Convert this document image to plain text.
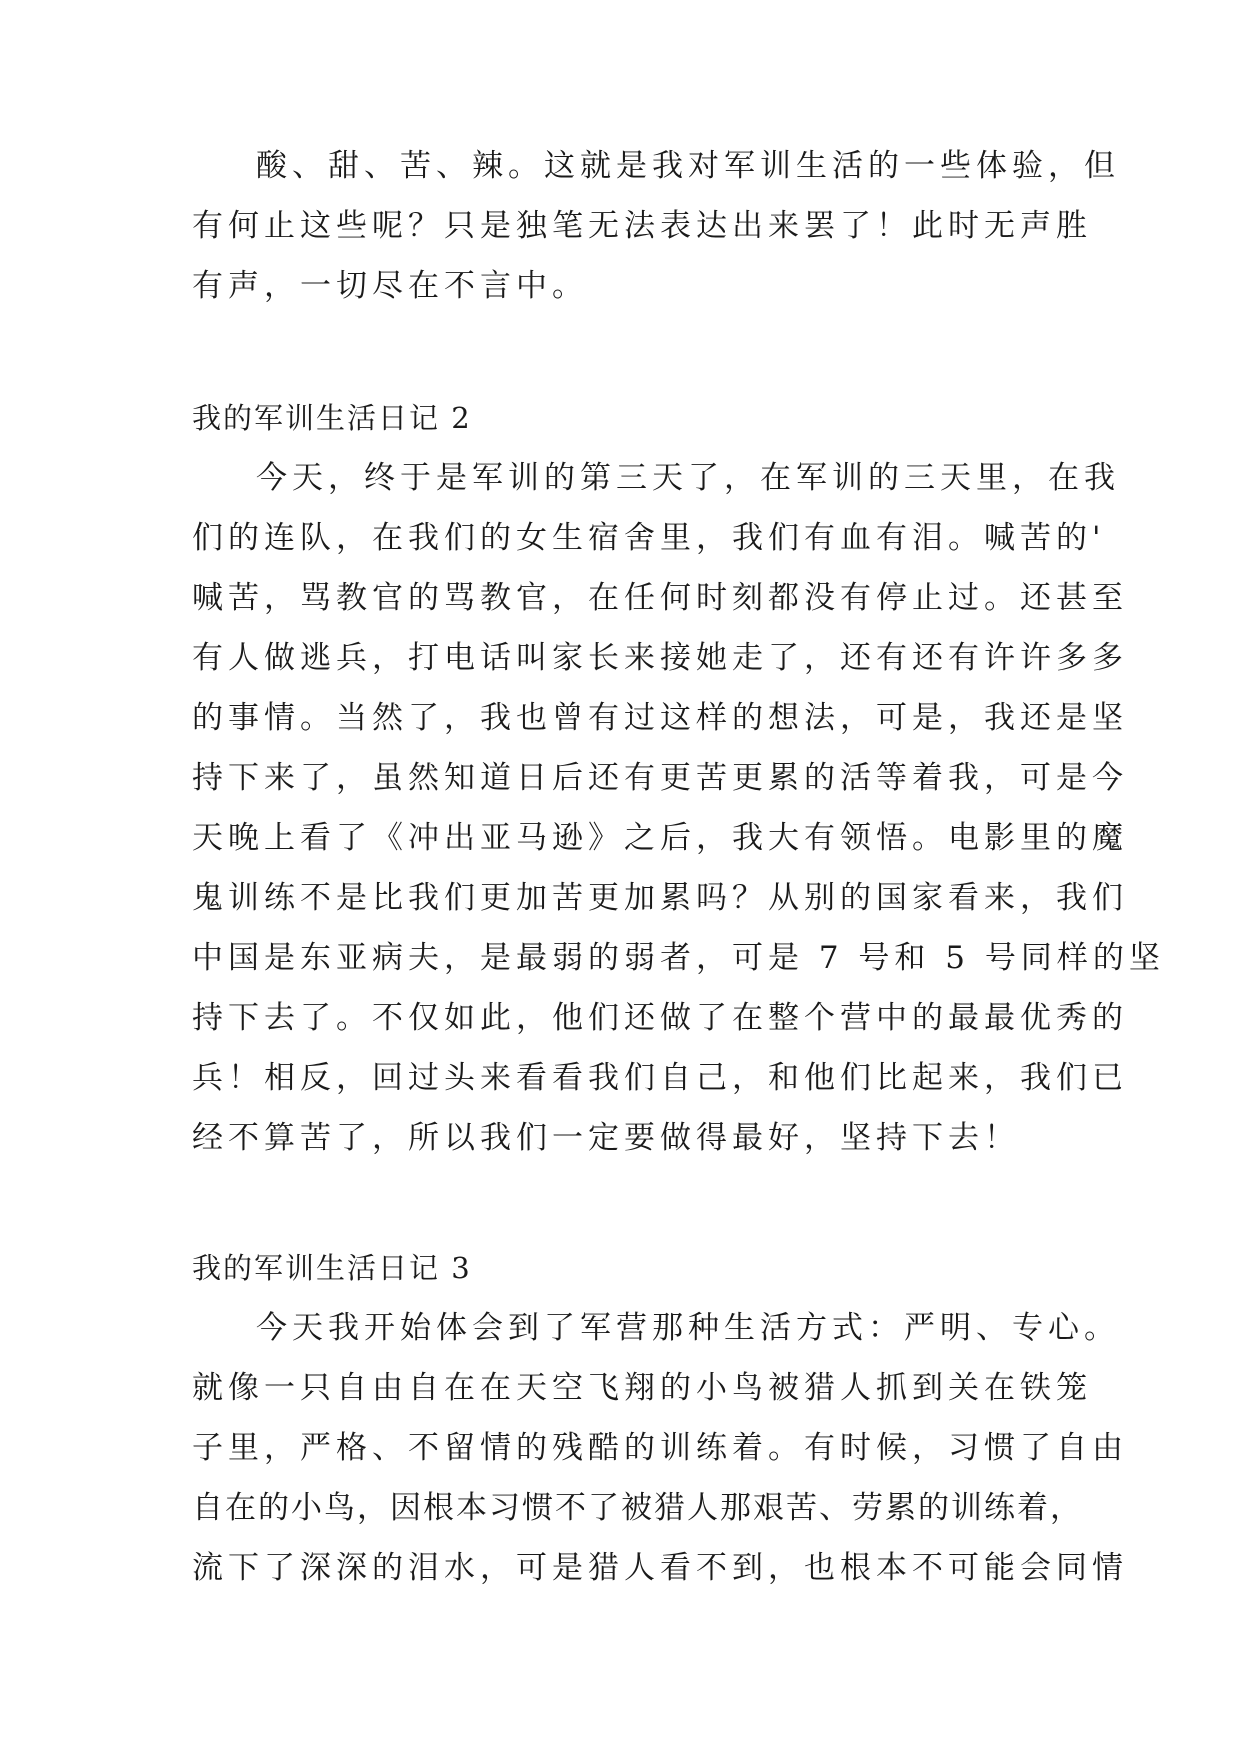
酸、甜、苦、辣。这就是我对军训生活的一些体验，但
有何止这些呢？只是独笔无法表达出来罢了！此时无声胜
有声，一切尽在不言中。
我的军训生活日记 2
今天，终于是军训的第三天了，在军训的三天里，在我
们的连队，在我们的女生宿舍里，我们有血有泪。喊苦的'
喊苦，骂教官的骂教官，在任何时刻都没有停止过。还甚至
有人做逃兵，打电话叫家长来接她走了，还有还有许许多多
的事情。当然了，我也曾有过这样的想法，可是，我还是坚
持下来了，虽然知道日后还有更苦更累的活等着我，可是今
天晚上看了《冲出亚马逊》之后，我大有领悟。电影里的魔
鬼训练不是比我们更加苦更加累吗？从别的国家看来，我们
中国是东亚病夫，是最弱的弱者，可是 7 号和 5 号同样的坚
持下去了。不仅如此，他们还做了在整个营中的最最优秀的
兵！相反，回过头来看看我们自己，和他们比起来，我们已
经不算苦了，所以我们一定要做得最好，坚持下去！
我的军训生活日记 3
今天我开始体会到了军营那种生活方式：严明、专心。
就像一只自由自在在天空飞翔的小鸟被猎人抓到关在铁笼
子里，严格、不留情的残酷的训练着。有时候，习惯了自由
自在的小鸟，因根本习惯不了被猎人那艰苦、劳累的训练着，
流下了深深的泪水，可是猎人看不到，也根本不可能会同情
